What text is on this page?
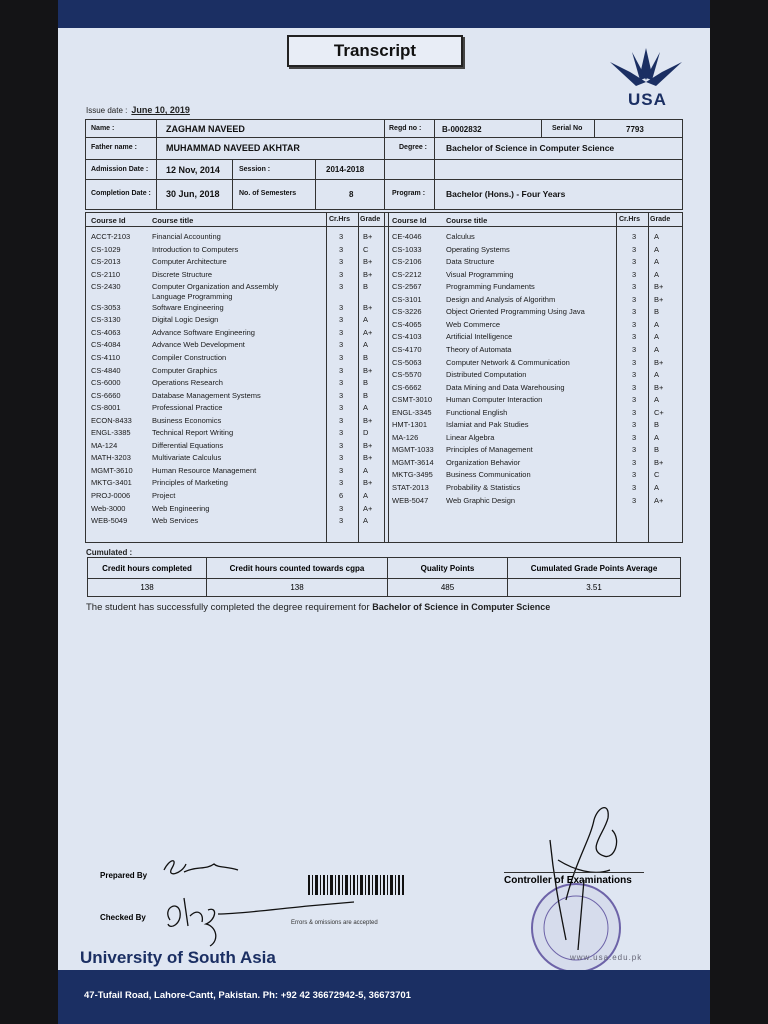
Transcript
USA
Issue date : June 10, 2019
Name :	ZAGHAM NAVEED	Regd no :	B-0002832	Serial No	7793
Father name :	MUHAMMAD NAVEED AKHTAR	Degree : Bachelor of Science in Computer Science
Admission Date :	12 Nov, 2014	Session :	2014-2018
Completion Date : 30 Jun, 2018	No. of Semesters	8	Program : Bachelor (Hons.) - Four Years
Course Id	Course title	Cr.Hrs Grade Course Id	Course title	Cr.Hrs Grade
ACCT-2103	Financial Accounting	3	B+
CS-1029	Introduction to Computers	3	C
CS-2013	Computer Architecture	3	B+
CS-2110	Discrete Structure	3	B+
CS-2430	Computer Organization and Assembly	3	B
Language Programming
CS-3053	Software Engineering	3	B+
CS-3130	Digital Logic Design	3	A
CS-4063	Advance Software Engineering	3	A+
CS-4084	Advance Web Development	3	A
CS-4110	Compiler Construction	3	B
CS-4840	Computer Graphics	3	B+
CS-6000	Operations Research	3	B
CS-6660	Database Management Systems	3	B
CS-8001	Professional Practice	3	A
ECON-8433	Business Economics	3	B+
ENGL-3385	Technical Report Writing	3	D
MA-124	Differential Equations	3	B+
MATH-3203	Multivariate Calculus	3	B+
MGMT-3610	Human Resource Management	3	A
MKTG-3401	Principles of Marketing	3	B+
PROJ-0006	Project	6	A
Web-3000	Web Engineering	3	A+
WEB-5049	Web Services	3	A
CE-4046	Calculus	3 A
CS-1033	Operating Systems	3 A
CS-2106	Data Structure	3 A
CS-2212	Visual Programming	3 A
CS-2567	Programming Fundaments	3 B+
CS-3101	Design and Analysis of Algorithm	3 B+
CS-3226	Object Oriented Programming Using Java	3 B
CS-4065	Web Commerce	3 A
CS-4103	Artificial Intelligence	3 A
CS-4170	Theory of Automata	3 A
CS-5063	Computer Network & Communication	3 B+
CS-5570	Distributed Computation	3 A
CS-6662	Data Mining and Data Warehousing	3 B+
CSMT-3010 Human Computer Interaction	3 A
ENGL-3345 Functional English	3 C+
HMT-1301	Islamiat and Pak Studies	3 B
MA-126	Linear Algebra	3 A
MGMT-1033 Principles of Management	3 B
MGMT-3614 Organization Behavior	3 B+
MKTG-3495 Business Communication	3 C
STAT-2013 Probability & Statistics	3 A
WEB-5047 Web Graphic Design	3 A+
Cumulated :
Credit hours completed	Credit hours counted towards cgpa	Quality Points	Cumulated Grade Points Average
138	138	485	3.51
The student has successfully completed the degree requirement for Bachelor of Science in Computer Science
Prepared By
Checked By
Errors & omissions are accepted
Controller of Examinations
University of South Asia	www.usa.edu.pk
47-Tufail Road, Lahore-Cantt, Pakistan. Ph: +92 42 36672942-5, 36673701
